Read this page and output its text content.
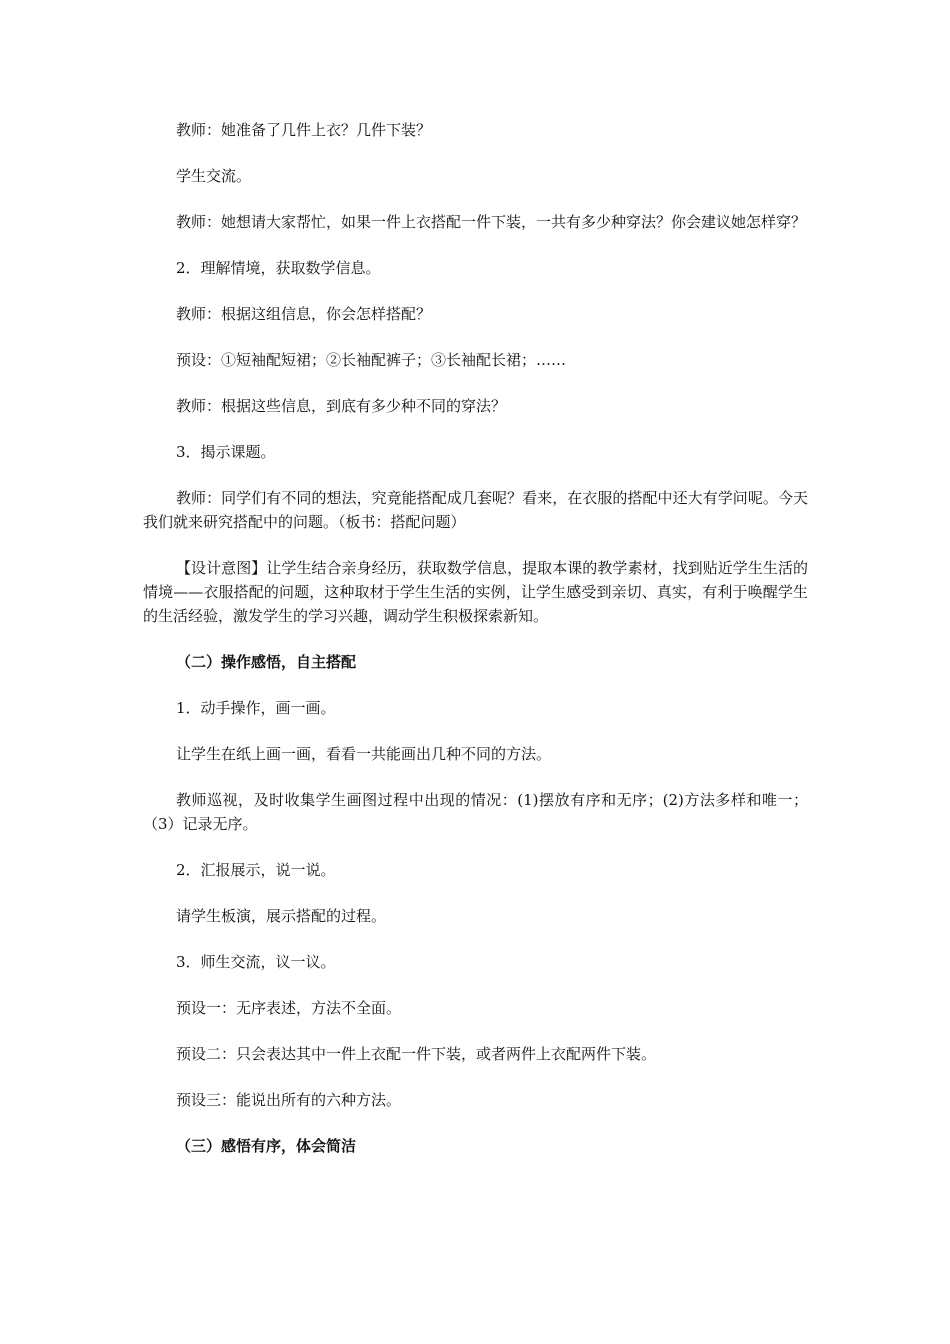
教师：她准备了几件上衣？几件下装？

学生交流。

教师：她想请大家帮忙，如果一件上衣搭配一件下装，一共有多少种穿法？你会建议她怎样穿？

2．理解情境，获取数学信息。

教师：根据这组信息，你会怎样搭配？

预设：①短袖配短裙；②长袖配裤子；③长袖配长裙；……

教师：根据这些信息，到底有多少种不同的穿法？

3．揭示课题。

教师：同学们有不同的想法，究竟能搭配成几套呢？看来，在衣服的搭配中还大有学问呢。今天我们就来研究搭配中的问题。（板书：搭配问题）

【设计意图】让学生结合亲身经历，获取数学信息，提取本课的教学素材，找到贴近学生生活的情境——衣服搭配的问题，这种取材于学生生活的实例，让学生感受到亲切、真实，有利于唤醒学生的生活经验，激发学生的学习兴趣，调动学生积极探索新知。

（二）操作感悟，自主搭配

1．动手操作，画一画。

让学生在纸上画一画，看看一共能画出几种不同的方法。

教师巡视，及时收集学生画图过程中出现的情况：(1)摆放有序和无序；(2)方法多样和唯一；（3）记录无序。

2．汇报展示，说一说。

请学生板演，展示搭配的过程。

3．师生交流，议一议。

预设一：无序表述，方法不全面。

预设二：只会表达其中一件上衣配一件下装，或者两件上衣配两件下装。

预设三：能说出所有的六种方法。

（三）感悟有序，体会简洁
